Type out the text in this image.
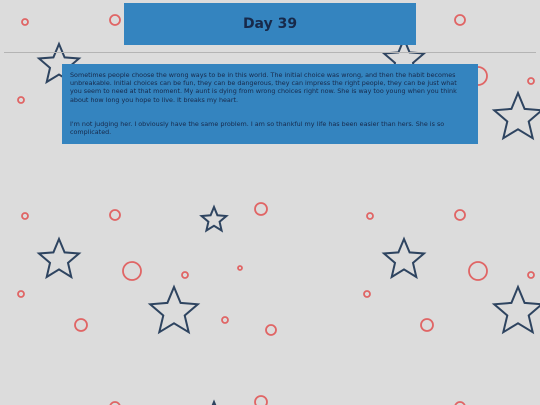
Day 39

Sometimes people choose the wrong ways to be in this world. The initial choice was wrong, and then the habit becomes unbreakable. Initial choices can be fun, they can be dangerous, they can impress the right people, they can be just what you seem to need at that moment. My aunt is dying from wrong choices right now. She is way too young when you think about how long you hope to live. It breaks my heart.

I'm not judging her. I obviously have the same problem. I am so thankful my life has been easier than hers. She is so complicated.
